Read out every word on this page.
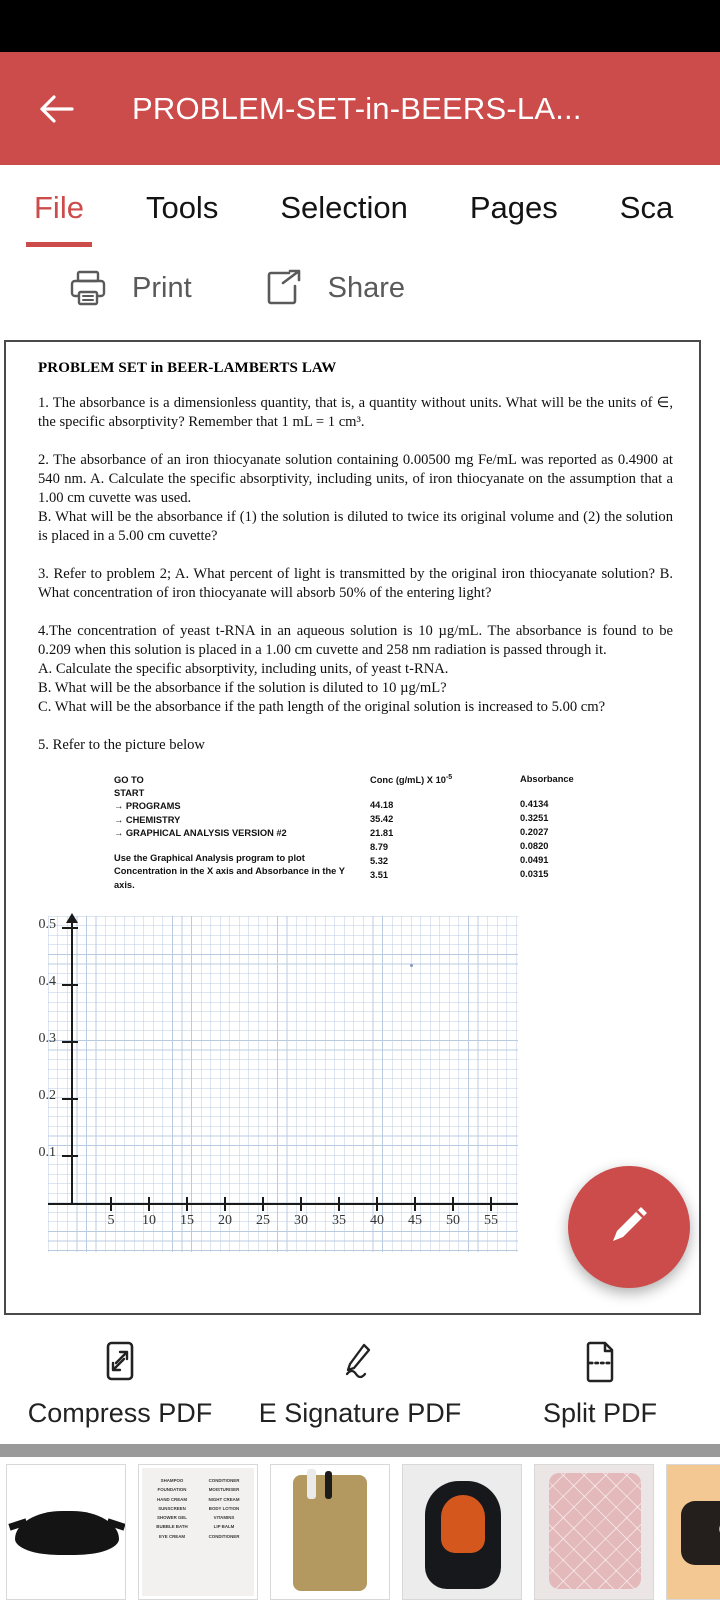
PROBLEM-SET-in-BEERS-LA...
File Tools Selection Pages Sca
Print	Share
PROBLEM SET in BEER-LAMBERTS LAW
1. The absorbance is a dimensionless quantity, that is, a quantity without units. What will be the units of ∈, the specific absorptivity? Remember that 1 mL = 1 cm³.
2. The absorbance of an iron thiocyanate solution containing 0.00500 mg Fe/mL was reported as 0.4900 at 540 nm. A. Calculate the specific absorptivity, including units, of iron thiocyanate on the assumption that a 1.00 cm cuvette was used.
B. What will be the absorbance if (1) the solution is diluted to twice its original volume and (2) the solution is placed in a 5.00 cm cuvette?
3. Refer to problem 2; A. What percent of light is transmitted by the original iron thiocyanate solution? B. What concentration of iron thiocyanate will absorb 50% of the entering light?
4.The concentration of yeast t-RNA in an aqueous solution is 10 µg/mL. The absorbance is found to be 0.209 when this solution is placed in a 1.00 cm cuvette and 258 nm radiation is passed through it.
A. Calculate the specific absorptivity, including units, of yeast t-RNA.
B. What will be the absorbance if the solution is diluted to 10 µg/mL?
C. What will be the absorbance if the path length of the original solution is increased to 5.00 cm?
5. Refer to the picture below
GO TO
START
→ PROGRAMS
→ CHEMISTRY
→ GRAPHICAL ANALYSIS VERSION #2
Use the Graphical Analysis program to plot Concentration in the X axis and Absorbance in the Y axis.
Conc (g/mL) X $10^{-5}$
44.18
35.42
21.81
8.79
5.32
3.51
Absorbance
0.4134
0.3251
0.2027
0.0820
0.0491
0.0315
0.1
0.2
0.3
0.4
0.5
5 10 15 20 25 30 35 40 45 50 55
Compress PDF E Signature PDF	Split PDF
SHAMPOO
FOUNDATION
HAND CREAM
SUNSCREEN
SHOWER GEL
BUBBLE BATH
EYE CREAM
CONDITIONER
MOISTURISER
NIGHT CREAM
BODY LOTION
VITAMINS
LIP BALM
CONDITIONER
